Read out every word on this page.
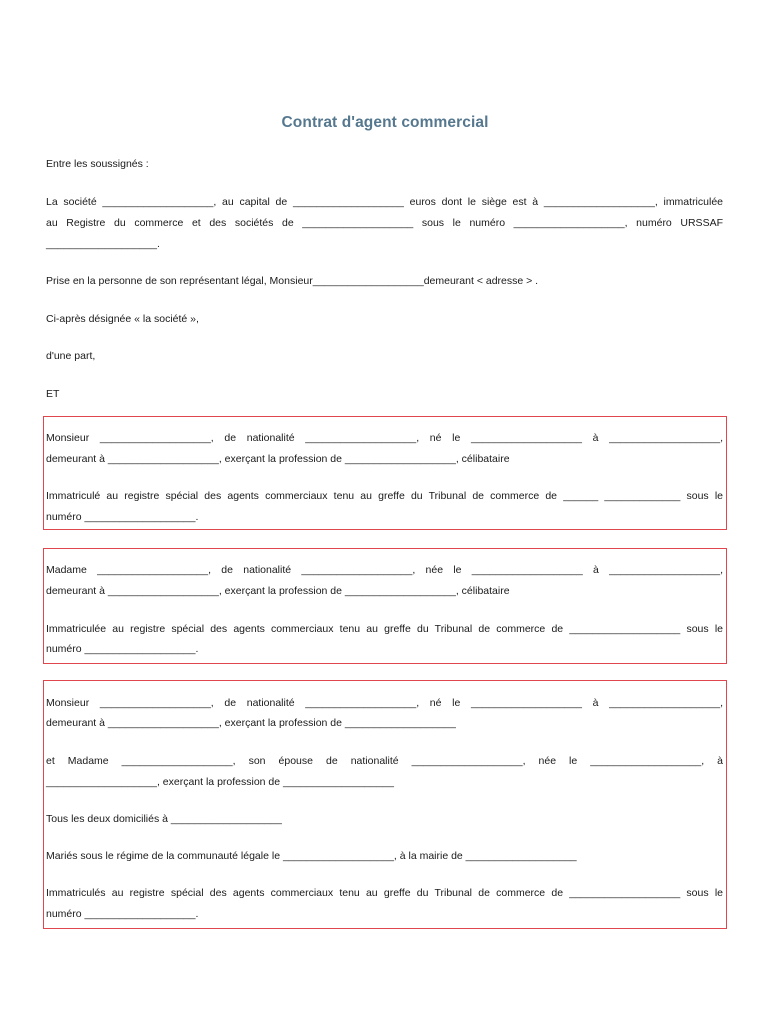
Contrat d'agent commercial
Entre les soussignés :
La société ___________________, au capital de ___________________ euros dont le siège est à ___________________, immatriculée
au Registre du commerce et des sociétés de ___________________ sous le numéro ___________________, numéro URSSAF
___________________.
Prise en la personne de son représentant légal, Monsieur___________________demeurant < adresse > .
Ci-après désignée « la société »,
d'une part,
ET
Monsieur ___________________, de nationalité ___________________, né le ___________________ à ___________________,
demeurant à ___________________, exerçant la profession de ___________________, célibataire
Immatriculé au registre spécial des agents commerciaux tenu au greffe du Tribunal de commerce de ______ _____________ sous le
numéro ___________________.
Madame ___________________, de nationalité ___________________, née le ___________________ à ___________________,
demeurant à ___________________, exerçant la profession de ___________________, célibataire
Immatriculée au registre spécial des agents commerciaux tenu au greffe du Tribunal de commerce de ___________________ sous le
numéro ___________________.
Monsieur ___________________, de nationalité ___________________, né le ___________________ à ___________________,
demeurant à ___________________, exerçant la profession de ___________________
et Madame ___________________, son épouse de nationalité ___________________, née le ___________________, à
___________________, exerçant la profession de ___________________
Tous les deux domiciliés à ___________________
Mariés sous le régime de la communauté légale le ___________________, à la mairie de ___________________
Immatriculés au registre spécial des agents commerciaux tenu au greffe du Tribunal de commerce de ___________________ sous le
numéro ___________________.
